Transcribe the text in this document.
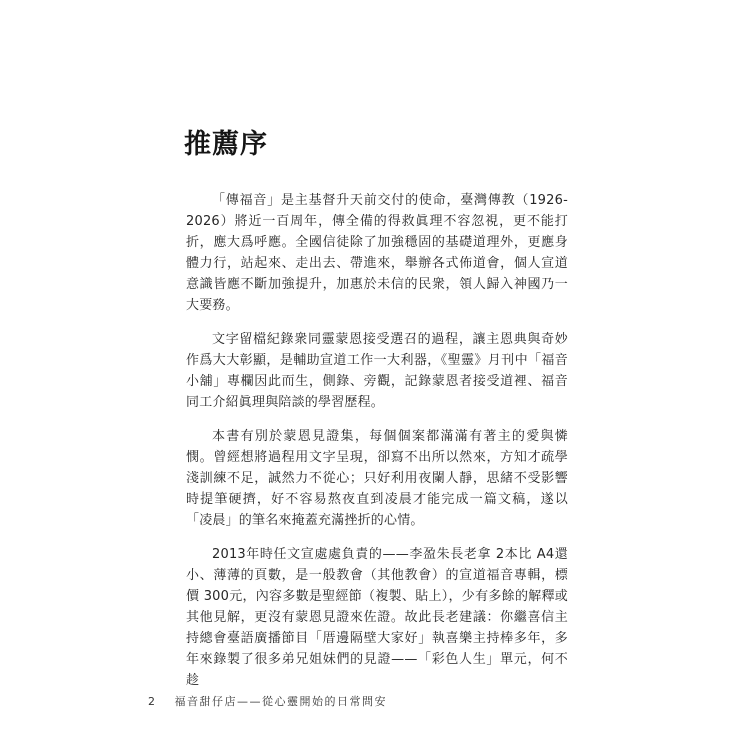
推薦序

「傳福音」是主基督升天前交付的使命，臺灣傳教（1926-2026）將近一百周年，傳全備的得救眞理不容忽視，更不能打折，應大爲呼應。全國信徒除了加強穩固的基礎道理外，更應身體力行，站起來、走出去、帶進來，舉辦各式佈道會，個人宣道意識皆應不斷加強提升，加惠於未信的民衆，領人歸入神國乃一大要務。

文字留檔紀錄衆同靈蒙恩接受選召的過程，讓主恩典與奇妙作爲大大彰顯，是輔助宣道工作一大利器，《聖靈》月刊中「福音小舖」專欄因此而生，側錄、旁觀，記錄蒙恩者接受道裡、福音同工介紹眞理與陪談的學習歷程。

本書有別於蒙恩見證集，每個個案都滿滿有著主的愛與憐憫。曾經想將過程用文字呈現，卻寫不出所以然來，方知才疏學淺訓練不足，誠然力不從心；只好利用夜闌人靜，思緒不受影響時提筆硬擠，好不容易熬夜直到凌晨才能完成一篇文稿，遂以「凌晨」的筆名來掩蓋充滿挫折的心情。

2013年時任文宣處處負責的——李盈朱長老拿 2本比 A4還小、薄薄的頁數，是一般教會（其他教會）的宣道福音專輯，標價 300元，內容多數是聖經節（複製、貼上），少有多餘的解釋或其他見解，更沒有蒙恩見證來佐證。故此長老建議：你繼喜信主持總會臺語廣播節目「厝邊隔壁大家好」執喜樂主持棒多年，多年來錄製了很多弟兄姐妹們的見證——「彩色人生」單元，何不趁

2 福音甜仔店——從心靈開始的日常問安
